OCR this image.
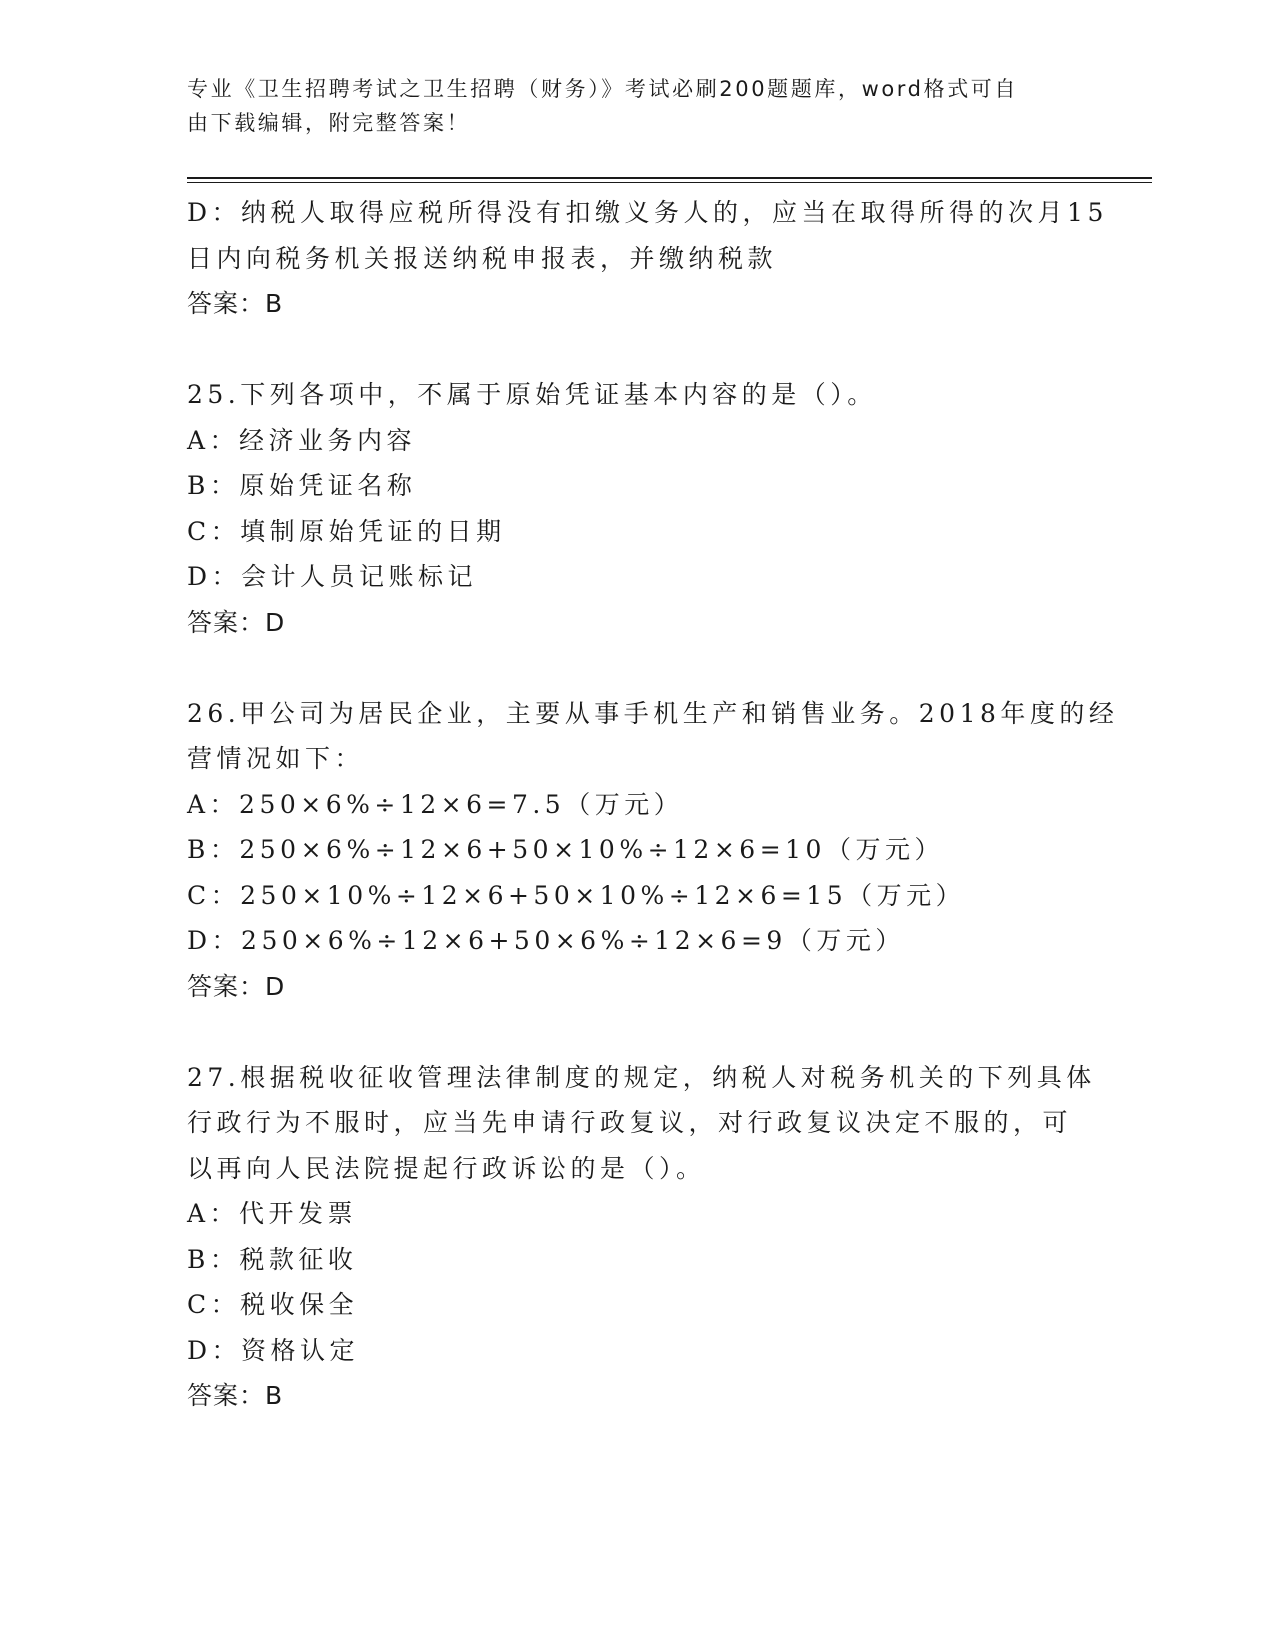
专业《卫生招聘考试之卫生招聘（财务）》考试必刷200题题库，word格式可自
由下载编辑，附完整答案！
D：纳税人取得应税所得没有扣缴义务人的，应当在取得所得的次月15
日内向税务机关报送纳税申报表，并缴纳税款
答案：B
25.下列各项中，不属于原始凭证基本内容的是（）。
A：经济业务内容
B：原始凭证名称
C：填制原始凭证的日期
D：会计人员记账标记
答案：D
26.甲公司为居民企业，主要从事手机生产和销售业务。2018年度的经
营情况如下：
A：250×6%÷12×6=7.5（万元）
B：250×6%÷12×6+50×10%÷12×6=10（万元）
C：250×10%÷12×6+50×10%÷12×6=15（万元）
D：250×6%÷12×6+50×6%÷12×6=9（万元）
答案：D
27.根据税收征收管理法律制度的规定，纳税人对税务机关的下列具体
行政行为不服时，应当先申请行政复议，对行政复议决定不服的，可
以再向人民法院提起行政诉讼的是（）。
A：代开发票
B：税款征收
C：税收保全
D：资格认定
答案：B
